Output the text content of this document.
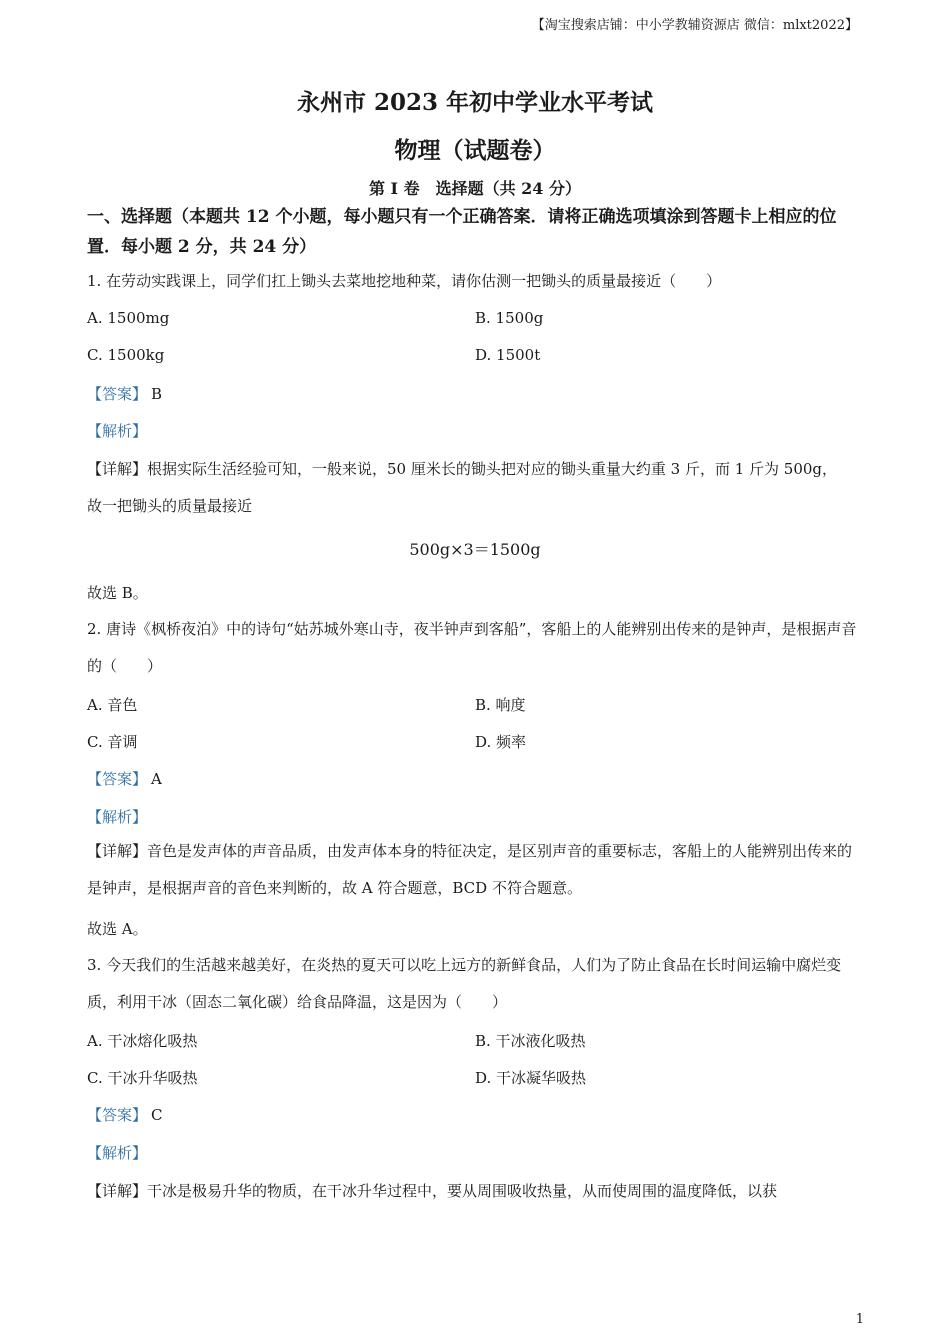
【淘宝搜索店铺：中小学教辅资源店 微信：mlxt2022】
永州市 2023 年初中学业水平考试
物理（试题卷）
第 I 卷　选择题（共 24 分）
一、选择题（本题共 12 个小题，每小题只有一个正确答案．请将正确选项填涂到答题卡上相应的位置．每小题 2 分，共 24 分）
1. 在劳动实践课上，同学们扛上锄头去菜地挖地种菜，请你估测一把锄头的质量最接近（　　）
A. 1500mg	B. 1500g
C. 1500kg	D. 1500t
【答案】 B
【解析】
【详解】根据实际生活经验可知，一般来说，50 厘米长的锄头把对应的锄头重量大约重 3 斤，而 1 斤为 500g，
故一把锄头的质量最接近
500g×3＝1500g
故选 B。
2. 唐诗《枫桥夜泊》中的诗句“姑苏城外寒山寺，夜半钟声到客船”，客船上的人能辨别出传来的是钟声，是根据声音的（　　）
A. 音色	B. 响度
C. 音调	D. 频率
【答案】 A
【解析】
【详解】音色是发声体的声音品质，由发声体本身的特征决定，是区别声音的重要标志，客船上的人能辨别出传来的是钟声，是根据声音的音色来判断的，故 A 符合题意，BCD 不符合题意。
故选 A。
3. 今天我们的生活越来越美好，在炎热的夏天可以吃上远方的新鲜食品，人们为了防止食品在长时间运输中腐烂变质，利用干冰（固态二氧化碳）给食品降温，这是因为（　　）
A. 干冰熔化吸热	B. 干冰液化吸热
C. 干冰升华吸热	D. 干冰凝华吸热
【答案】 C
【解析】
【详解】干冰是极易升华的物质，在干冰升华过程中，要从周围吸收热量，从而使周围的温度降低，以获
1
